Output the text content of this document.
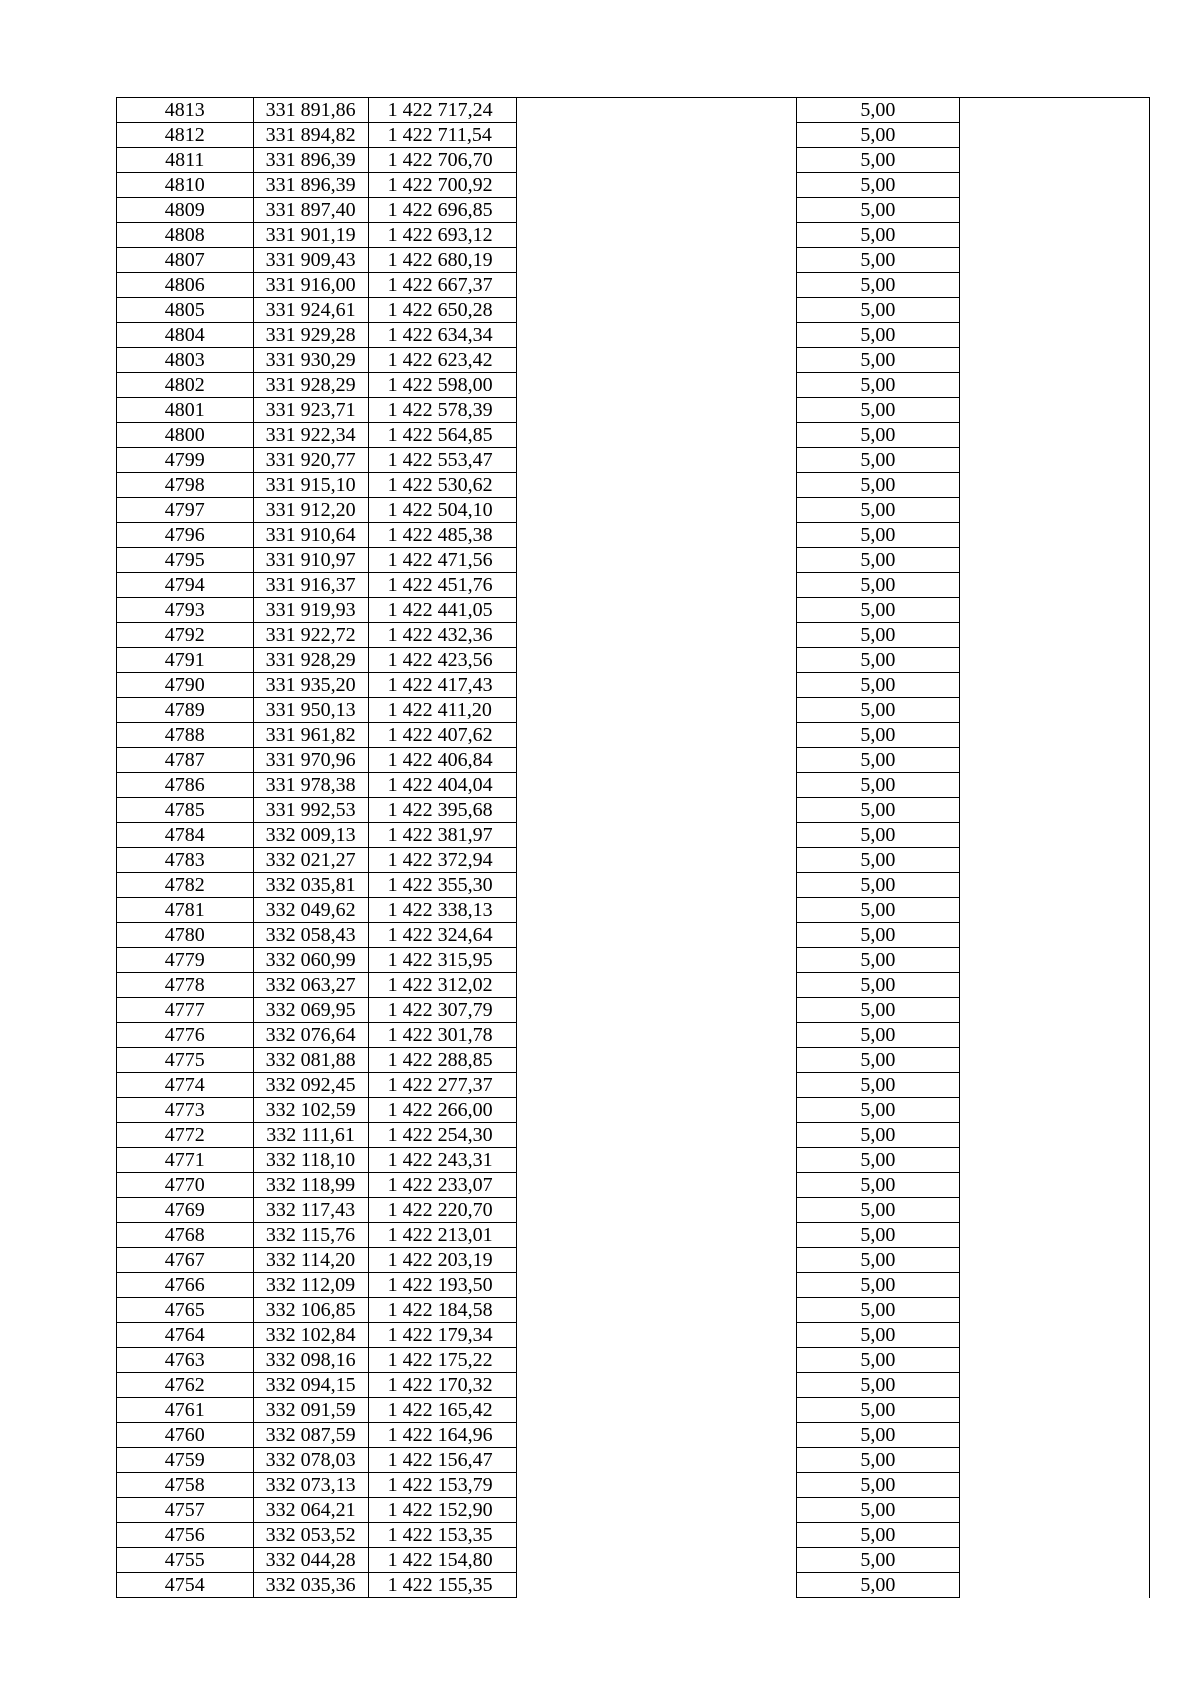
4813	331 891,86	1 422 717,24		5,00	
4812	331 894,82	1 422 711,54		5,00	
4811	331 896,39	1 422 706,70		5,00	
4810	331 896,39	1 422 700,92		5,00	
4809	331 897,40	1 422 696,85		5,00	
4808	331 901,19	1 422 693,12		5,00	
4807	331 909,43	1 422 680,19		5,00	
4806	331 916,00	1 422 667,37		5,00	
4805	331 924,61	1 422 650,28		5,00	
4804	331 929,28	1 422 634,34		5,00	
4803	331 930,29	1 422 623,42		5,00	
4802	331 928,29	1 422 598,00		5,00	
4801	331 923,71	1 422 578,39		5,00	
4800	331 922,34	1 422 564,85		5,00	
4799	331 920,77	1 422 553,47		5,00	
4798	331 915,10	1 422 530,62		5,00	
4797	331 912,20	1 422 504,10		5,00	
4796	331 910,64	1 422 485,38		5,00	
4795	331 910,97	1 422 471,56		5,00	
4794	331 916,37	1 422 451,76		5,00	
4793	331 919,93	1 422 441,05		5,00	
4792	331 922,72	1 422 432,36		5,00	
4791	331 928,29	1 422 423,56		5,00	
4790	331 935,20	1 422 417,43		5,00	
4789	331 950,13	1 422 411,20		5,00	
4788	331 961,82	1 422 407,62		5,00	
4787	331 970,96	1 422 406,84		5,00	
4786	331 978,38	1 422 404,04		5,00	
4785	331 992,53	1 422 395,68		5,00	
4784	332 009,13	1 422 381,97		5,00	
4783	332 021,27	1 422 372,94		5,00	
4782	332 035,81	1 422 355,30		5,00	
4781	332 049,62	1 422 338,13		5,00	
4780	332 058,43	1 422 324,64		5,00	
4779	332 060,99	1 422 315,95		5,00	
4778	332 063,27	1 422 312,02		5,00	
4777	332 069,95	1 422 307,79		5,00	
4776	332 076,64	1 422 301,78		5,00	
4775	332 081,88	1 422 288,85		5,00	
4774	332 092,45	1 422 277,37		5,00	
4773	332 102,59	1 422 266,00		5,00	
4772	332 111,61	1 422 254,30		5,00	
4771	332 118,10	1 422 243,31		5,00	
4770	332 118,99	1 422 233,07		5,00	
4769	332 117,43	1 422 220,70		5,00	
4768	332 115,76	1 422 213,01		5,00	
4767	332 114,20	1 422 203,19		5,00	
4766	332 112,09	1 422 193,50		5,00	
4765	332 106,85	1 422 184,58		5,00	
4764	332 102,84	1 422 179,34		5,00	
4763	332 098,16	1 422 175,22		5,00	
4762	332 094,15	1 422 170,32		5,00	
4761	332 091,59	1 422 165,42		5,00	
4760	332 087,59	1 422 164,96		5,00	
4759	332 078,03	1 422 156,47		5,00	
4758	332 073,13	1 422 153,79		5,00	
4757	332 064,21	1 422 152,90		5,00	
4756	332 053,52	1 422 153,35		5,00	
4755	332 044,28	1 422 154,80		5,00	
4754	332 035,36	1 422 155,35		5,00	
